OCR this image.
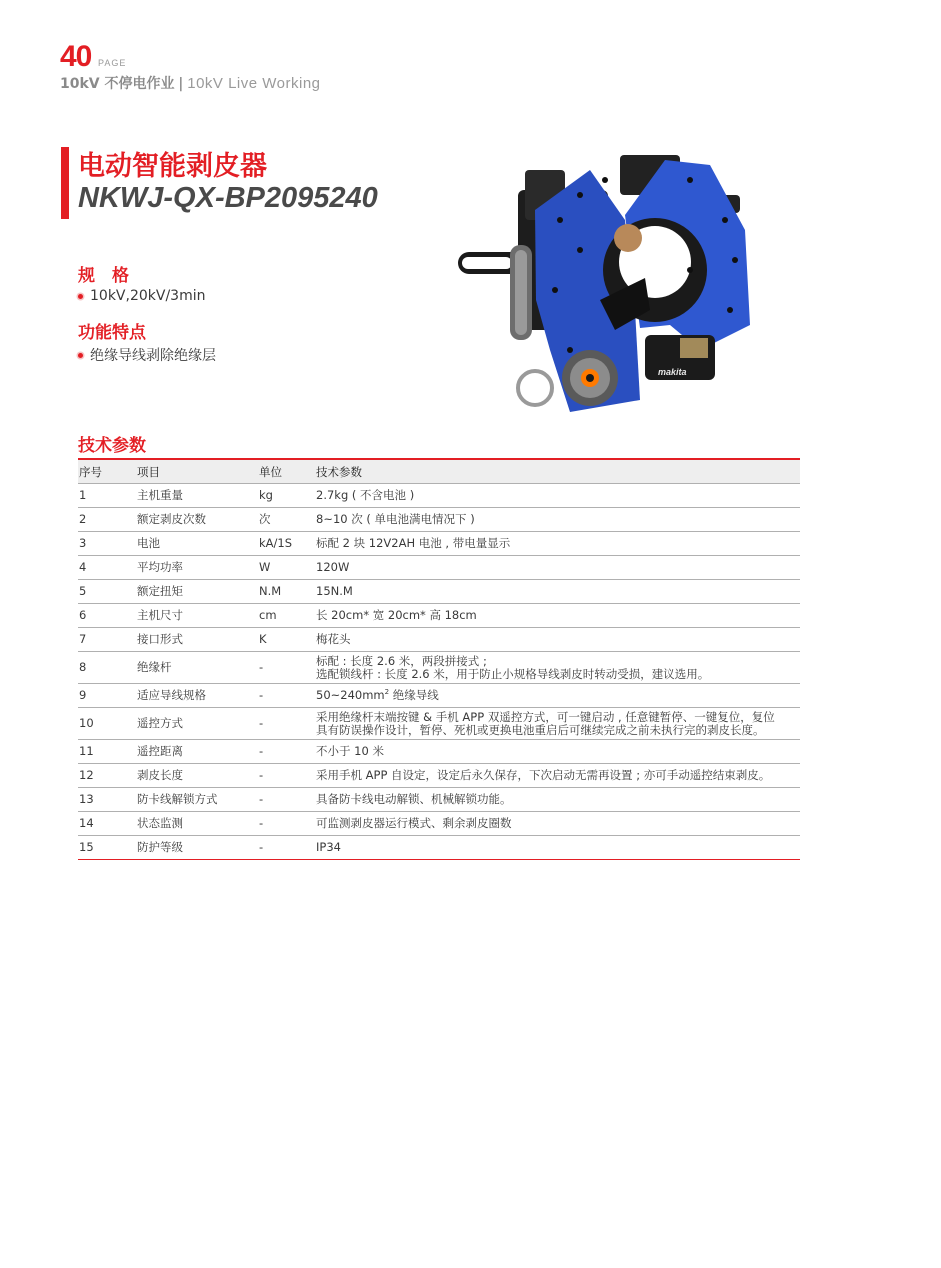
40 PAGE
10kV 不停电作业 | 10kV Live Working
电动智能剥皮器
NKWJ-QX-BP2095240
规　格
10kV,20kV/3min
功能特点
绝缘导线剥除绝缘层
makita
技术参数
序号	项目	单位	技术参数
1	主机重量	kg	2.7kg ( 不含电池 )
2	额定剥皮次数	次	8~10 次 ( 单电池满电情况下 )
3	电池	kA/1S	标配 2 块 12V2AH 电池 , 带电量显示
4	平均功率	W	120W
5	额定扭矩	N.M	15N.M
6	主机尺寸	cm	长 20cm* 宽 20cm* 高 18cm
7	接口形式	K	梅花头
8	绝缘杆	-	标配 : 长度 2.6 米，两段拼接式 ;
选配锁线杆 : 长度 2.6 米，用于防止小规格导线剥皮时转动受损，建议选用。

9	适应导线规格	-	$50\sim 240mm^2$ 绝缘导线
10	遥控方式	-	采用绝缘杆末端按键 & 手机 APP 双遥控方式，可一键启动 , 任意键暂停、一键复位，复位
具有防误操作设计，暂停、死机或更换电池重启后可继续完成之前未执行完的剥皮长度。

11	遥控距离	-	不小于 10 米
12	剥皮长度	-	采用手机 APP 自设定，设定后永久保存，下次启动无需再设置 ; 亦可手动遥控结束剥皮。
13	防卡线解锁方式	-	具备防卡线电动解锁、机械解锁功能。
14	状态监测	-	可监测剥皮器运行模式、剩余剥皮圈数
15	防护等级	-	IP34
